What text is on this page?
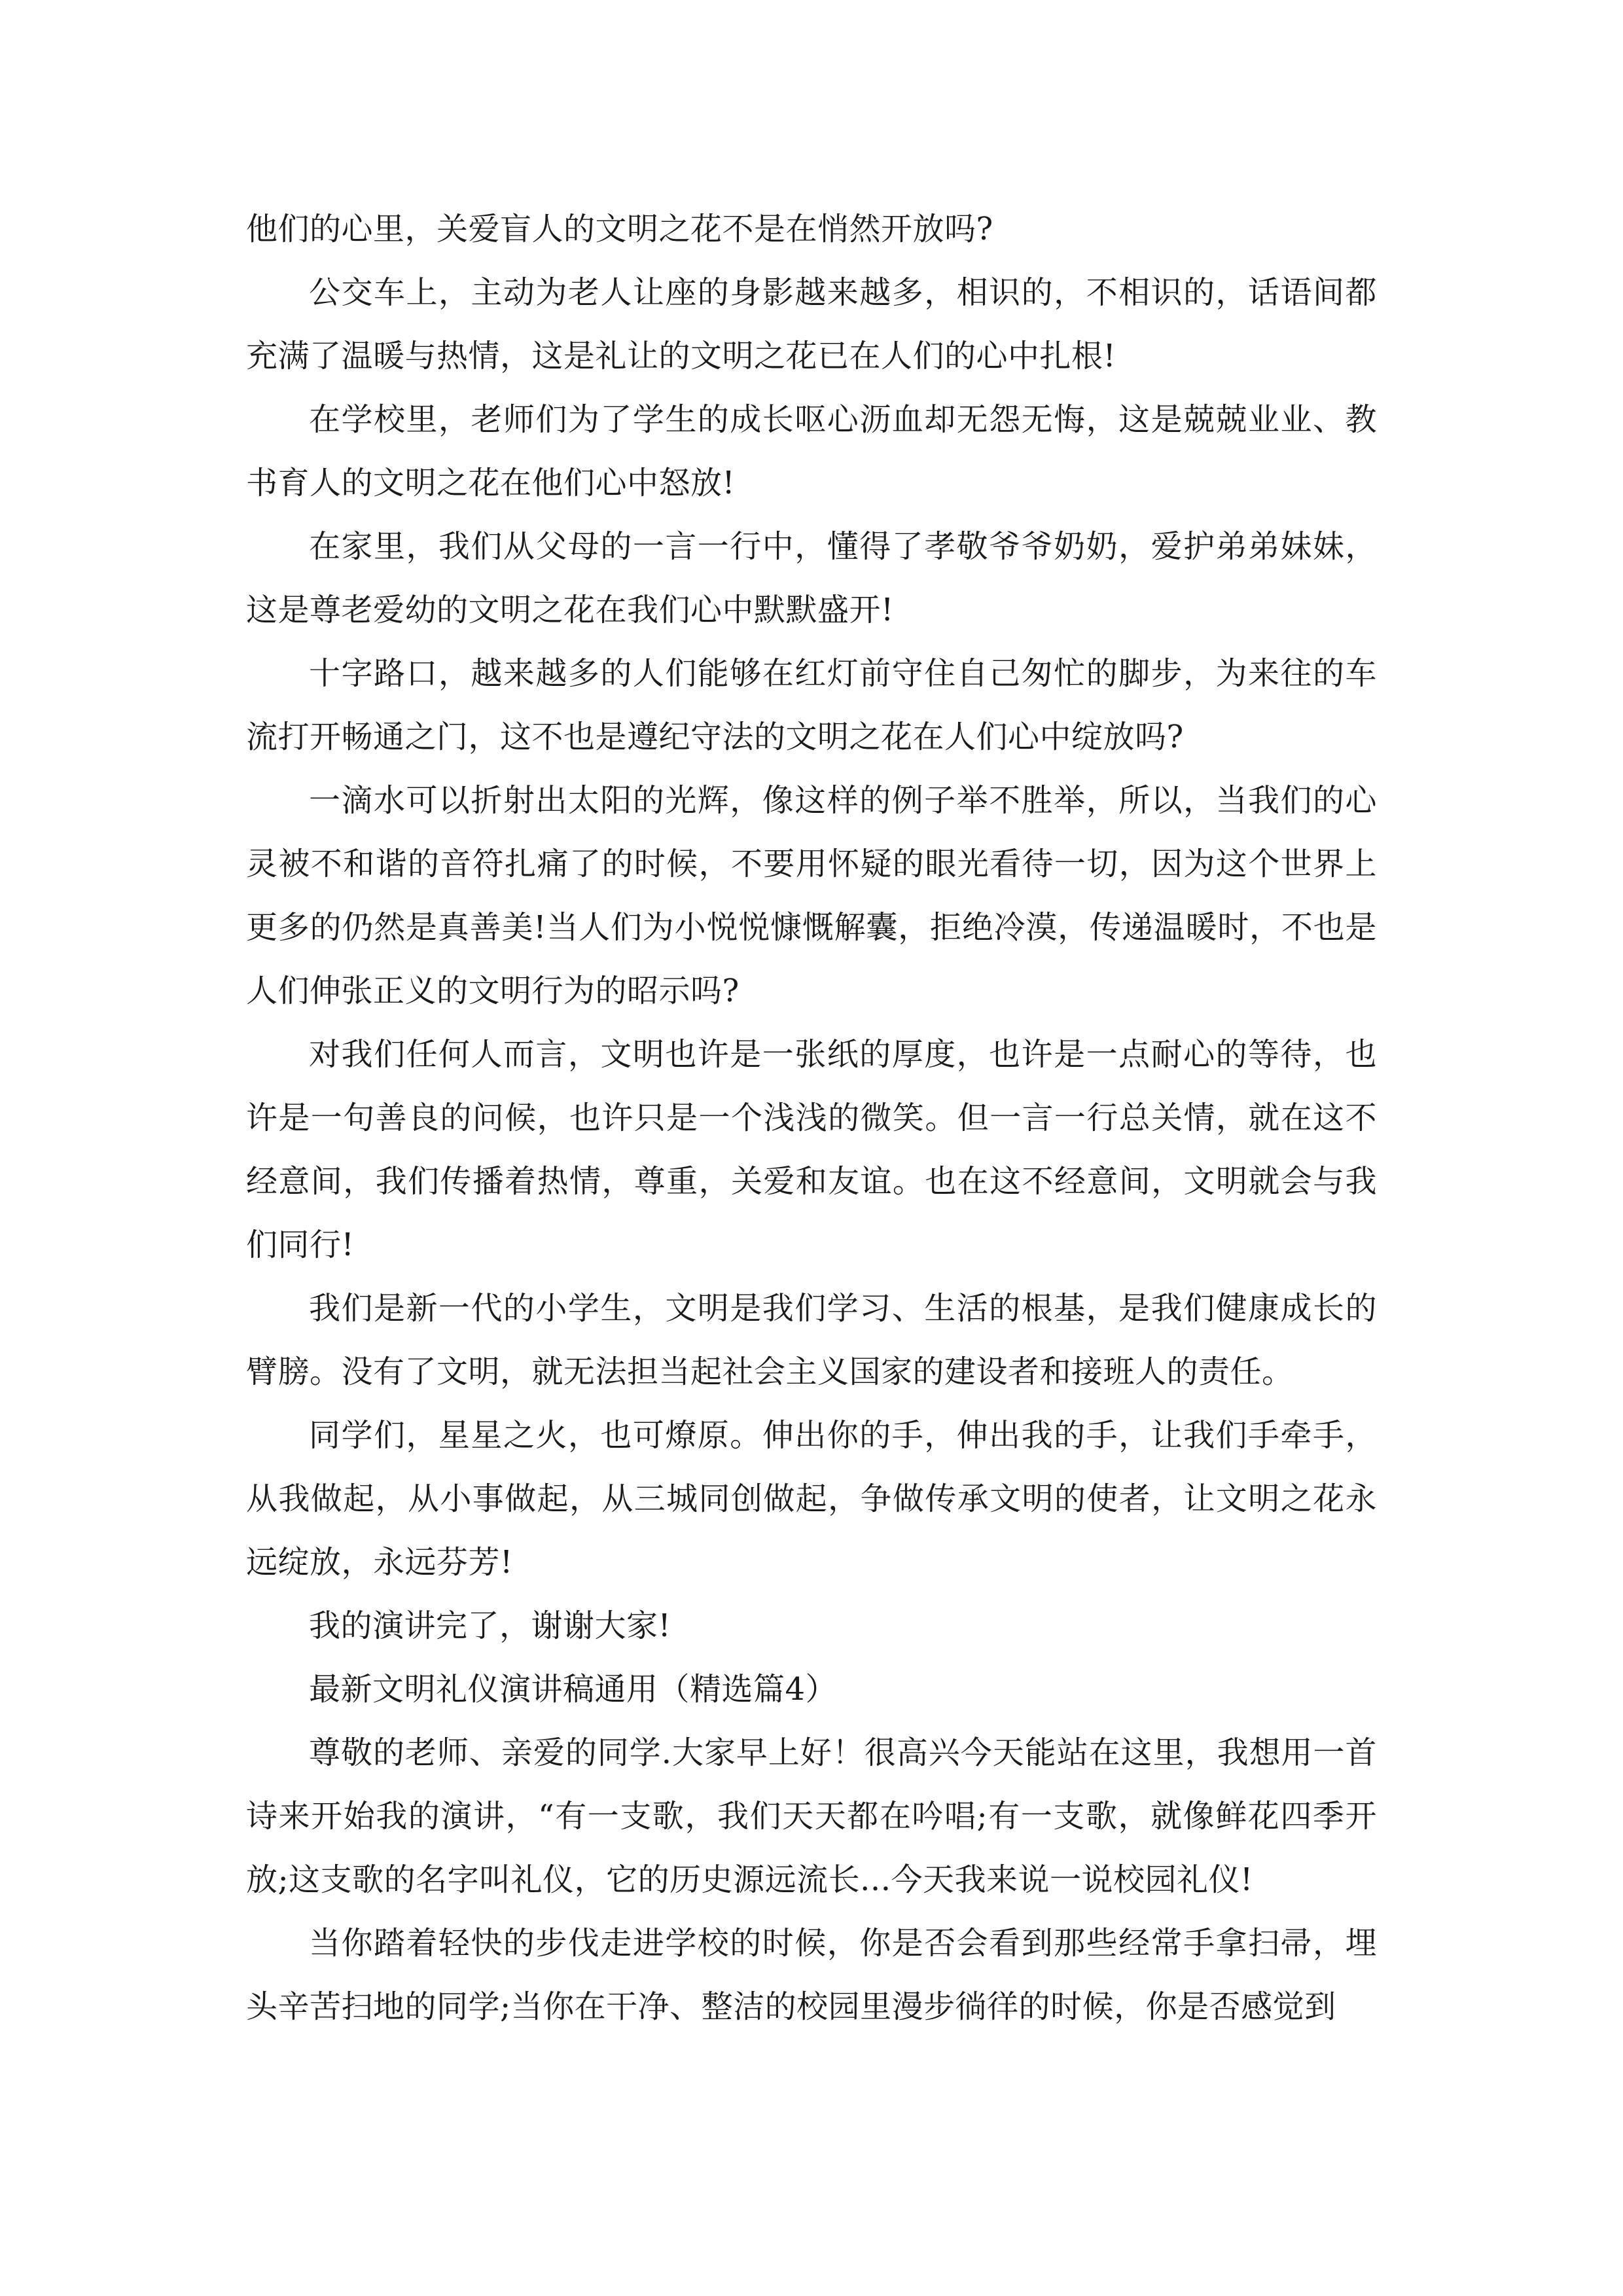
他们的心里，关爱盲人的文明之花不是在悄然开放吗?

公交车上，主动为老人让座的身影越来越多，相识的，不相识的，话语间都充满了温暖与热情，这是礼让的文明之花已在人们的心中扎根!

在学校里，老师们为了学生的成长呕心沥血却无怨无悔，这是兢兢业业、教书育人的文明之花在他们心中怒放!

在家里，我们从父母的一言一行中，懂得了孝敬爷爷奶奶，爱护弟弟妹妹，这是尊老爱幼的文明之花在我们心中默默盛开!

十字路口，越来越多的人们能够在红灯前守住自己匆忙的脚步，为来往的车流打开畅通之门，这不也是遵纪守法的文明之花在人们心中绽放吗?

一滴水可以折射出太阳的光辉，像这样的例子举不胜举，所以，当我们的心灵被不和谐的音符扎痛了的时候，不要用怀疑的眼光看待一切，因为这个世界上更多的仍然是真善美!当人们为小悦悦慷慨解囊，拒绝冷漠，传递温暖时，不也是人们伸张正义的文明行为的昭示吗?

对我们任何人而言，文明也许是一张纸的厚度，也许是一点耐心的等待，也许是一句善良的问候，也许只是一个浅浅的微笑。但一言一行总关情，就在这不经意间，我们传播着热情，尊重，关爱和友谊。也在这不经意间，文明就会与我们同行!

我们是新一代的小学生，文明是我们学习、生活的根基，是我们健康成长的臂膀。没有了文明，就无法担当起社会主义国家的建设者和接班人的责任。

同学们，星星之火，也可燎原。伸出你的手，伸出我的手，让我们手牵手，从我做起，从小事做起，从三城同创做起，争做传承文明的使者，让文明之花永远绽放，永远芬芳!

我的演讲完了，谢谢大家!

最新文明礼仪演讲稿通用（精选篇4）

尊敬的老师、亲爱的同学.大家早上好！很高兴今天能站在这里，我想用一首诗来开始我的演讲，“有一支歌，我们天天都在吟唱;有一支歌，就像鲜花四季开放;这支歌的名字叫礼仪，它的历史源远流长...今天我来说一说校园礼仪!

当你踏着轻快的步伐走进学校的时候，你是否会看到那些经常手拿扫帚，埋头辛苦扫地的同学;当你在干净、整洁的校园里漫步徜徉的时候，你是否感觉到
